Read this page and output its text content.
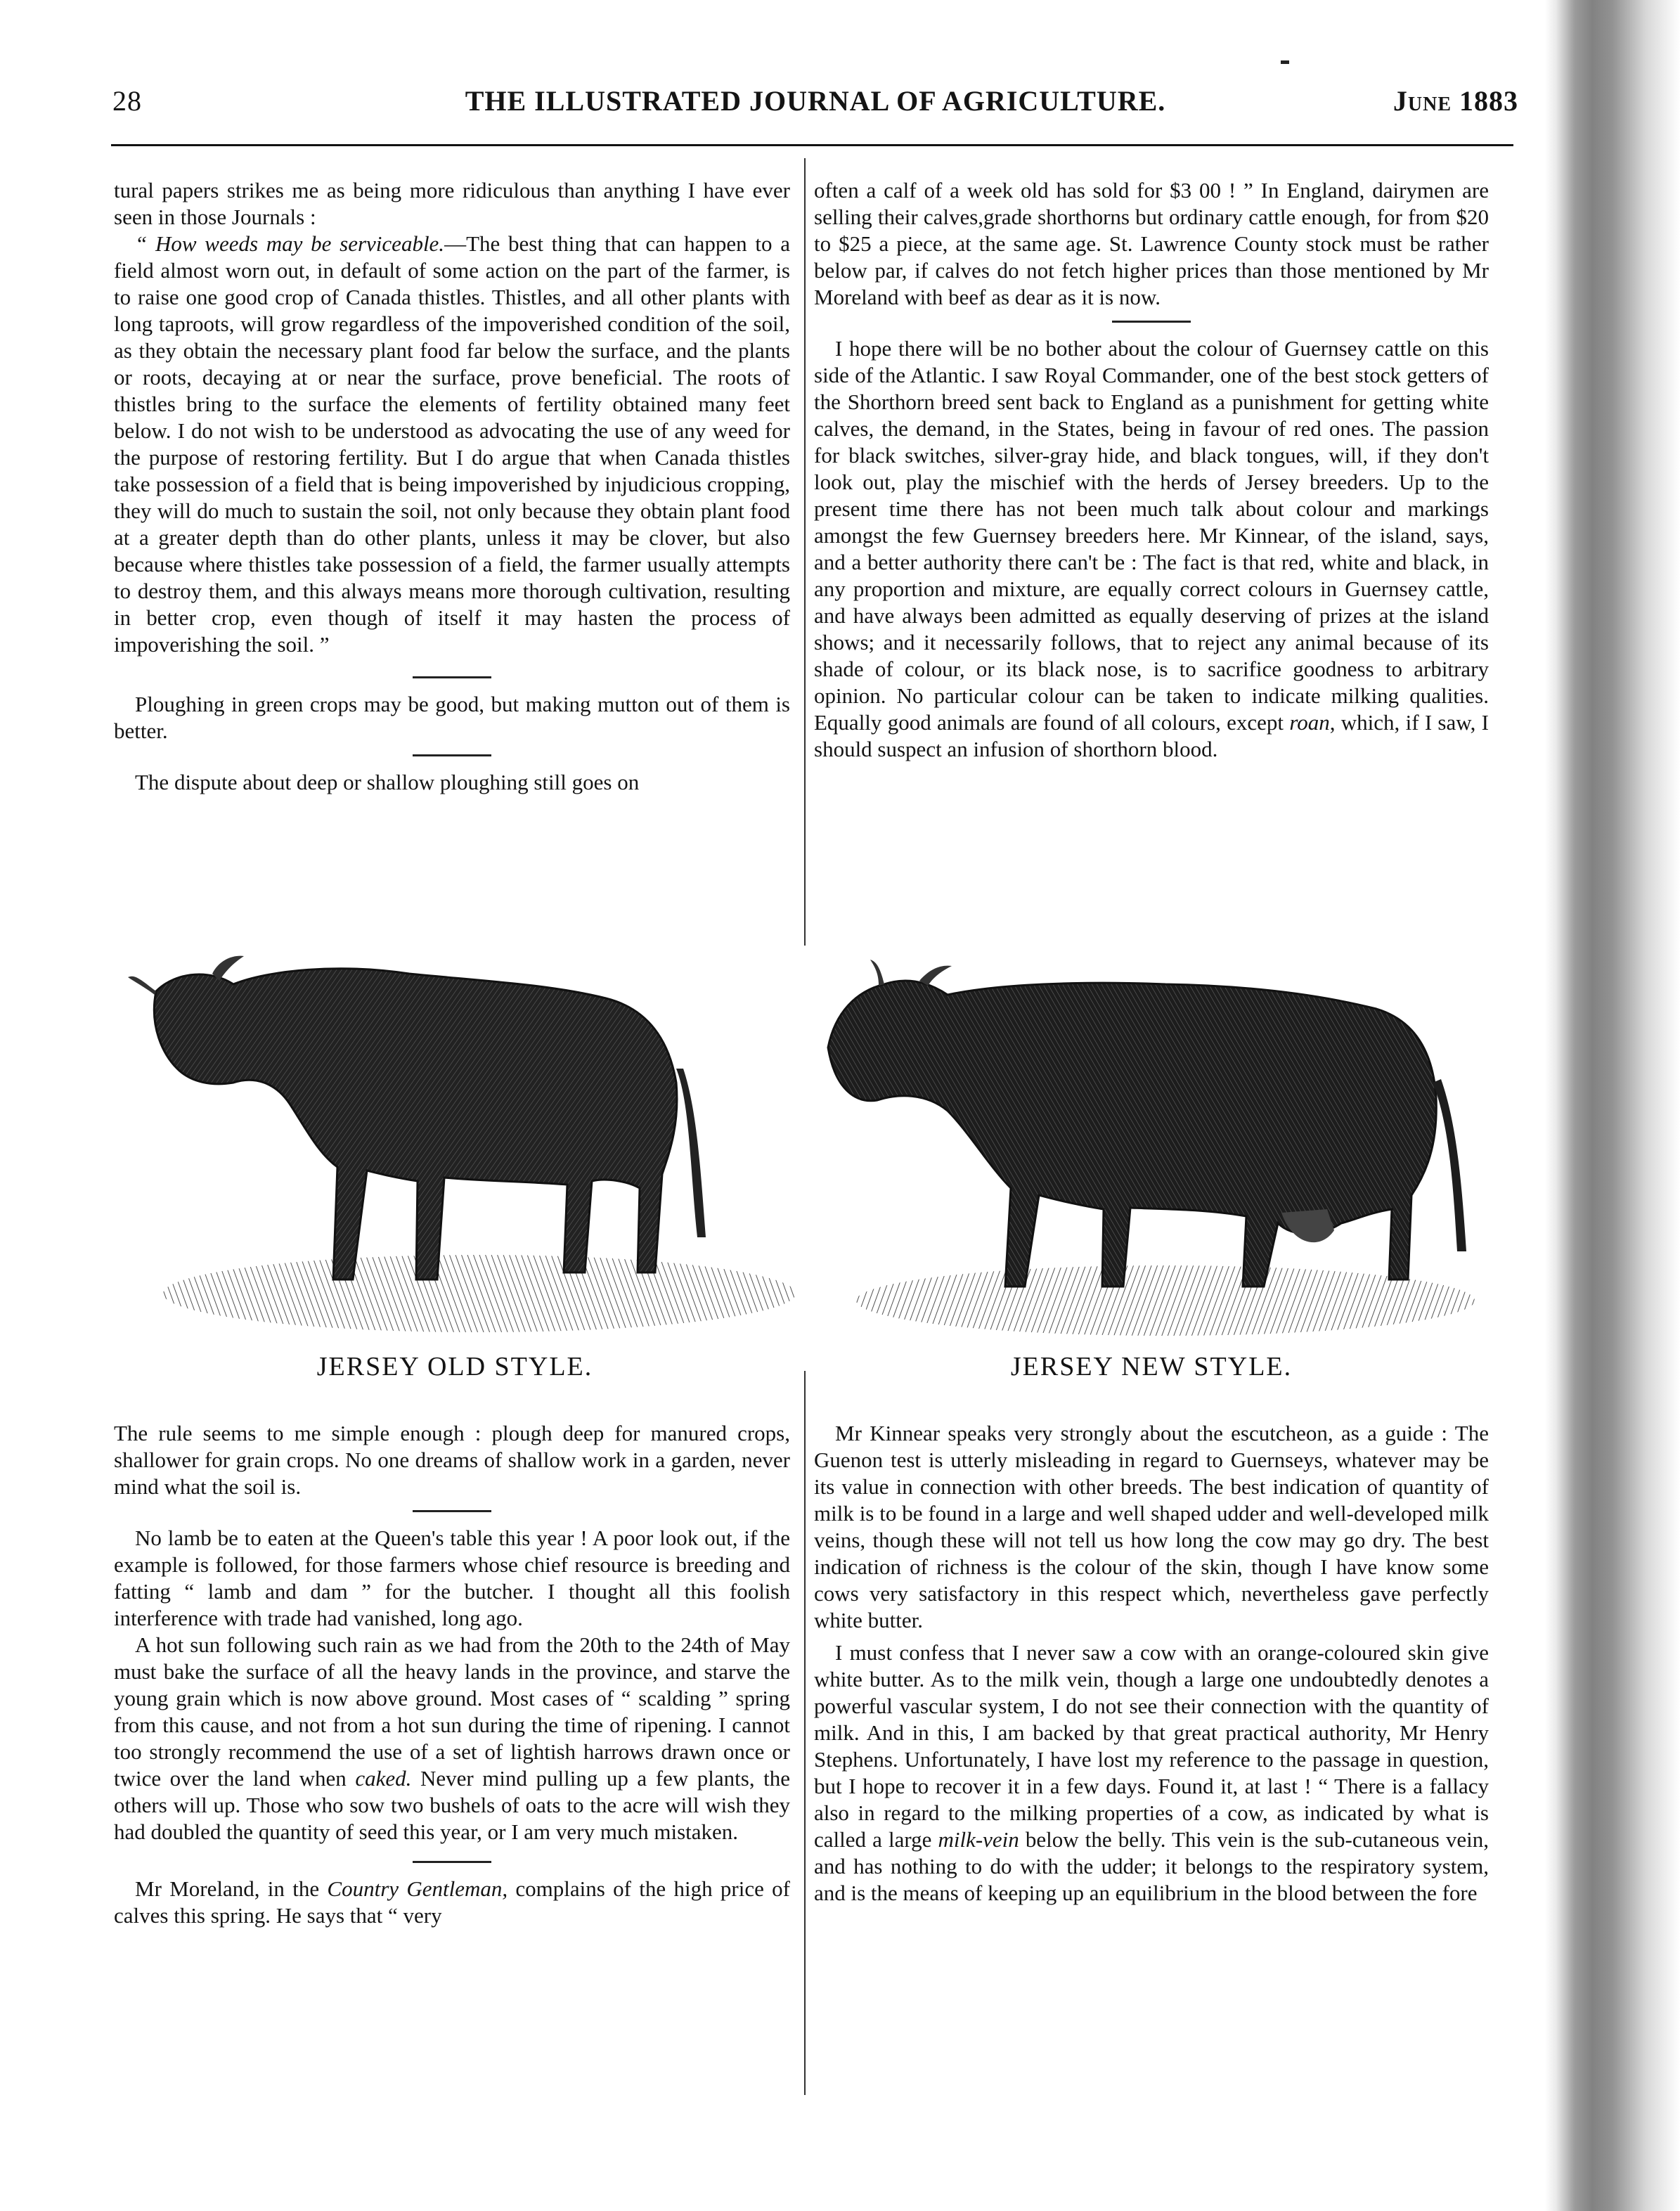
28	THE ILLUSTRATED JOURNAL OF AGRICULTURE.	June 1883

tural papers strikes me as being more ridiculous than anything I have ever seen in those Journals :

“ How weeds may be serviceable.—The best thing that can happen to a field almost worn out, in default of some action on the part of the farmer, is to raise one good crop of Canada thistles. Thistles, and all other plants with long taproots, will grow regardless of the impoverished condition of the soil, as they obtain the necessary plant food far below the surface, and the plants or roots, decaying at or near the surface, prove beneficial. The roots of thistles bring to the surface the elements of fertility obtained many feet below. I do not wish to be understood as advocating the use of any weed for the purpose of restoring fertility. But I do argue that when Canada thistles take possession of a field that is being impoverished by injudicious cropping, they will do much to sustain the soil, not only because they obtain plant food at a greater depth than do other plants, unless it may be clover, but also because where thistles take possession of a field, the farmer usually attempts to destroy them, and this always means more thorough cultivation, resulting in better crop, even though of itself it may hasten the process of impoverishing the soil. ”

Ploughing in green crops may be good, but making mutton out of them is better.

The dispute about deep or shallow ploughing still goes on

often a calf of a week old has sold for $3 00 ! ” In England, dairymen are selling their calves,grade shorthorns but ordinary cattle enough, for from $20 to $25 a piece, at the same age. St. Lawrence County stock must be rather below par, if calves do not fetch higher prices than those mentioned by Mr Moreland with beef as dear as it is now.

I hope there will be no bother about the colour of Guernsey cattle on this side of the Atlantic. I saw Royal Commander, one of the best stock getters of the Shorthorn breed sent back to England as a punishment for getting white calves, the demand, in the States, being in favour of red ones. The passion for black switches, silver-gray hide, and black tongues, will, if they don't look out, play the mischief with the herds of Jersey breeders. Up to the present time there has not been much talk about colour and markings amongst the few Guernsey breeders here. Mr Kinnear, of the island, says, and a better authority there can't be : The fact is that red, white and black, in any proportion and mixture, are equally correct colours in Guernsey cattle, and have always been admitted as equally deserving of prizes at the island shows; and it necessarily follows, that to reject any animal because of its shade of colour, or its black nose, is to sacrifice goodness to arbitrary opinion. No particular colour can be taken to indicate milking qualities. Equally good animals are found of all colours, except roan, which, if I saw, I should suspect an infusion of shorthorn blood.

JERSEY OLD STYLE.	JERSEY NEW STYLE.

The rule seems to me simple enough : plough deep for manured crops, shallower for grain crops. No one dreams of shallow work in a garden, never mind what the soil is.

No lamb be to eaten at the Queen's table this year ! A poor look out, if the example is followed, for those farmers whose chief resource is breeding and fatting “ lamb and dam ” for the butcher. I thought all this foolish interference with trade had vanished, long ago.

A hot sun following such rain as we had from the 20th to the 24th of May must bake the surface of all the heavy lands in the province, and starve the young grain which is now above ground. Most cases of “ scalding ” spring from this cause, and not from a hot sun during the time of ripening. I cannot too strongly recommend the use of a set of lightish harrows drawn once or twice over the land when caked. Never mind pulling up a few plants, the others will up. Those who sow two bushels of oats to the acre will wish they had doubled the quantity of seed this year, or I am very much mistaken.

Mr Moreland, in the Country Gentleman, complains of the high price of calves this spring. He says that “ very

Mr Kinnear speaks very strongly about the escutcheon, as a guide : The Guenon test is utterly misleading in regard to Guernseys, whatever may be its value in connection with other breeds. The best indication of quantity of milk is to be found in a large and well shaped udder and well-developed milk veins, though these will not tell us how long the cow may go dry. The best indication of richness is the colour of the skin, though I have know some cows very satisfactory in this respect which, nevertheless gave perfectly white butter.

I must confess that I never saw a cow with an orange-coloured skin give white butter. As to the milk vein, though a large one undoubtedly denotes a powerful vascular system, I do not see their connection with the quantity of milk. And in this, I am backed by that great practical authority, Mr Henry Stephens. Unfortunately, I have lost my reference to the passage in question, but I hope to recover it in a few days. Found it, at last ! “ There is a fallacy also in regard to the milking properties of a cow, as indicated by what is called a large milk-vein below the belly. This vein is the sub-cutaneous vein, and has nothing to do with the udder; it belongs to the respiratory system, and is the means of keeping up an equilibrium in the blood between the fore
